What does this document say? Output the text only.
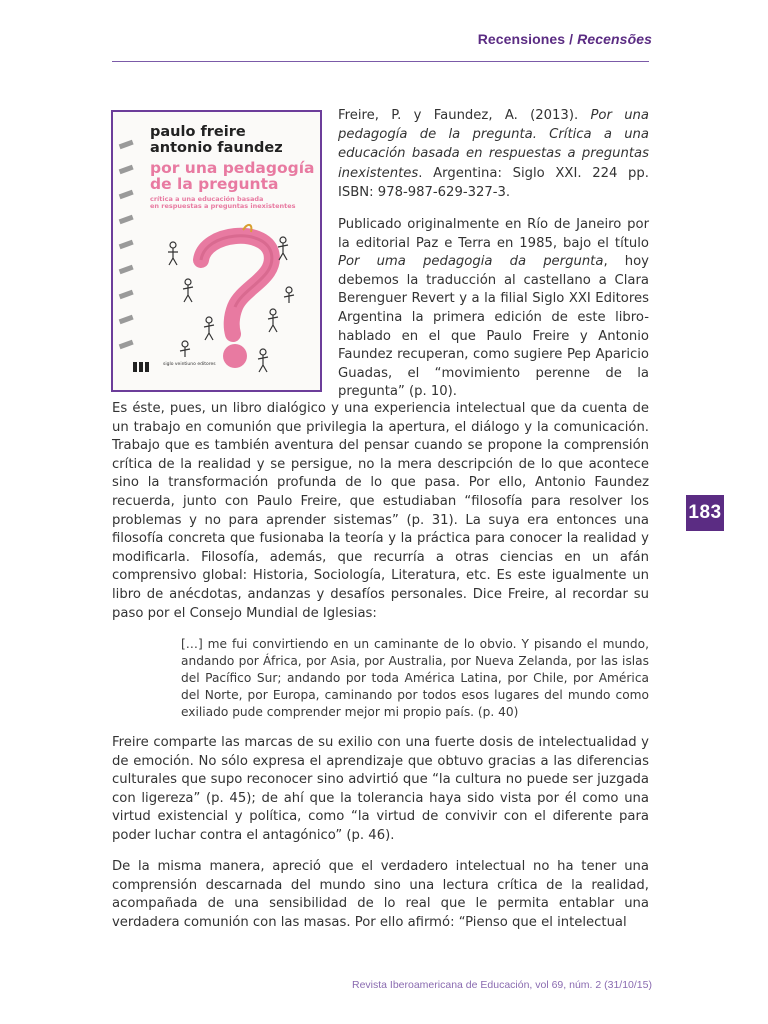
Recensiones / Recensões
183
paulo freire
antonio faundez
por una pedagogía
de la pregunta
crítica a una educación basada
en respuestas a preguntas inexistentes
siglo veintiuno editores

Freire, P. y Faundez, A. (2013). Por una pedagogía de la pregunta. Crítica a una educación basada en respuestas a preguntas inexistentes. Argentina: Siglo XXI. 224 pp. ISBN: 978-987-629-327-3.

Publicado originalmente en Río de Janeiro por la editorial Paz e Terra en 1985, bajo el título Por uma pedagogia da pergunta, hoy debemos la traducción al castellano a Clara Berenguer Revert y a la filial Siglo XXI Editores Argentina la primera edición de este libro-hablado en el que Paulo Freire y Antonio Faundez recuperan, como sugiere Pep Aparicio Guadas, el “movimiento perenne de la pregunta” (p. 10).

Es éste, pues, un libro dialógico y una experiencia intelectual que da cuenta de un trabajo en comunión que privilegia la apertura, el diálogo y la comunicación. Trabajo que es también aventura del pensar cuando se propone la comprensión crítica de la realidad y se persigue, no la mera descripción de lo que acontece sino la transformación profunda de lo que pasa. Por ello, Antonio Faundez recuerda, junto con Paulo Freire, que estudiaban “filosofía para resolver los problemas y no para aprender sistemas” (p. 31). La suya era entonces una filosofía concreta que fusionaba la teoría y la práctica para conocer la realidad y modificarla. Filosofía, además, que recurría a otras ciencias en un afán comprensivo global: Historia, Sociología, Literatura, etc. Es este igualmente un libro de anécdotas, andanzas y desafíos personales. Dice Freire, al recordar su paso por el Consejo Mundial de Iglesias:

[…] me fui convirtiendo en un caminante de lo obvio. Y pisando el mundo, andando por África, por Asia, por Australia, por Nueva Zelanda, por las islas del Pacífico Sur; andando por toda América Latina, por Chile, por América del Norte, por Europa, caminando por todos esos lugares del mundo como exiliado pude comprender mejor mi propio país. (p. 40)

Freire comparte las marcas de su exilio con una fuerte dosis de intelectualidad y de emoción. No sólo expresa el aprendizaje que obtuvo gracias a las diferencias culturales que supo reconocer sino advirtió que “la cultura no puede ser juzgada con ligereza” (p. 45); de ahí que la tolerancia haya sido vista por él como una virtud existencial y política, como “la virtud de convivir con el diferente para poder luchar contra el antagónico” (p. 46).

De la misma manera, apreció que el verdadero intelectual no ha tener una comprensión descarnada del mundo sino una lectura crítica de la realidad, acompañada de una sensibilidad de lo real que le permita entablar una verdadera comunión con las masas. Por ello afirmó: “Pienso que el intelectual

Revista Iberoamericana de Educación, vol 69, núm. 2 (31/10/15)
